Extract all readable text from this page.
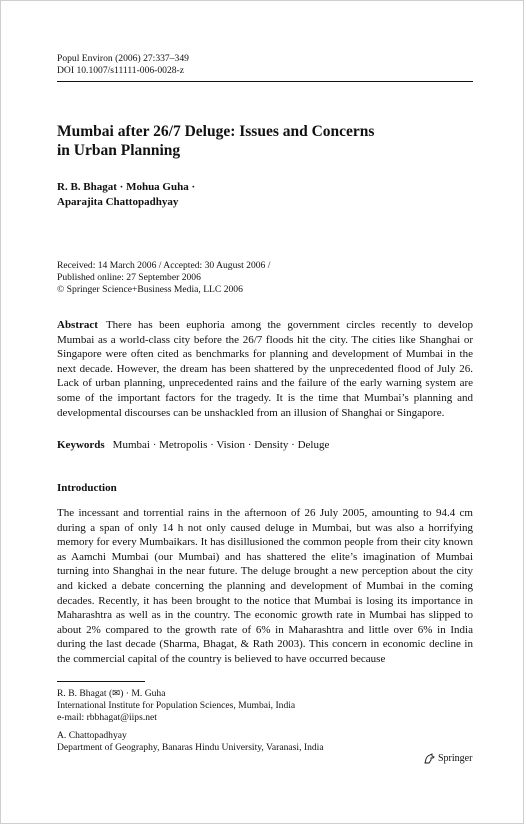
Popul Environ (2006) 27:337–349
DOI 10.1007/s11111-006-0028-z
Mumbai after 26/7 Deluge: Issues and Concerns
in Urban Planning
R. B. Bhagat · Mohua Guha ·
Aparajita Chattopadhyay
Received: 14 March 2006 / Accepted: 30 August 2006 /
Published online: 27 September 2006
© Springer Science+Business Media, LLC 2006

Abstract There has been euphoria among the government circles recently to develop Mumbai as a world-class city before the 26/7 floods hit the city. The cities like Shanghai or Singapore were often cited as benchmarks for planning and development of Mumbai in the next decade. However, the dream has been shattered by the unprecedented flood of July 26. Lack of urban planning, unprecedented rains and the failure of the early warning system are some of the important factors for the tragedy. It is the time that Mumbai’s planning and developmental discourses can be unshackled from an illusion of Shanghai or Singapore.

Keywords Mumbai · Metropolis · Vision · Density · Deluge

Introduction

The incessant and torrential rains in the afternoon of 26 July 2005, amounting to 94.4 cm during a span of only 14 h not only caused deluge in Mumbai, but was also a horrifying memory for every Mumbaikars. It has disillusioned the common people from their city known as Aamchi Mumbai (our Mumbai) and has shattered the elite’s imagination of Mumbai turning into Shanghai in the near future. The deluge brought a new perception about the city and kicked a debate concerning the planning and development of Mumbai in the coming decades. Recently, it has been brought to the notice that Mumbai is losing its importance in Maharashtra as well as in the country. The economic growth rate in Mumbai has slipped to about 2% compared to the growth rate of 6% in Maharashtra and little over 6% in India during the last decade (Sharma, Bhagat, & Rath 2003). This concern in economic decline in the commercial capital of the country is believed to have occurred because

R. B. Bhagat (✉) · M. Guha
International Institute for Population Sciences, Mumbai, India
e-mail: rbbhagat@iips.net
A. Chattopadhyay
Department of Geography, Banaras Hindu University, Varanasi, India
Springer
